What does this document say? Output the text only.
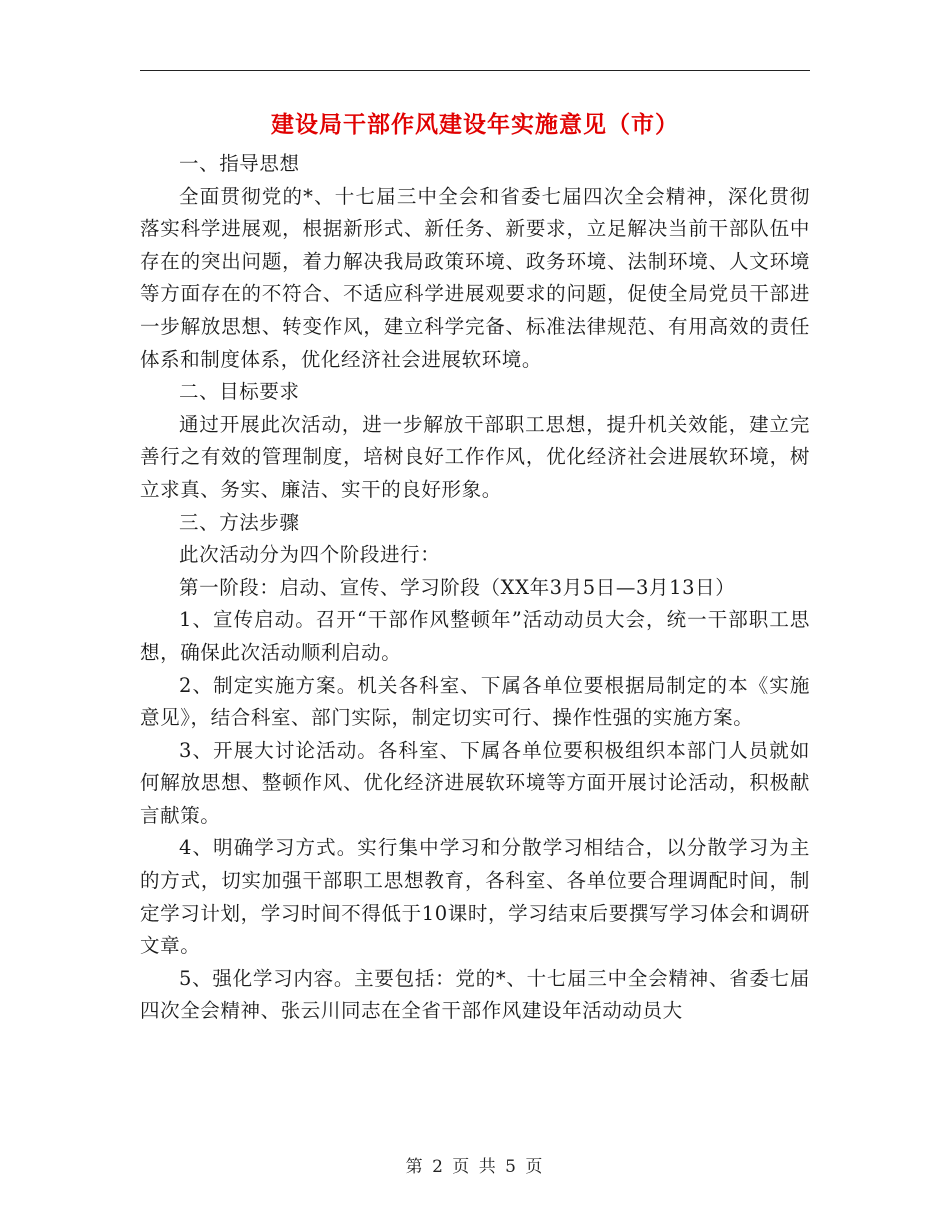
建设局干部作风建设年实施意见（市）

一、指导思想

全面贯彻党的*、十七届三中全会和省委七届四次全会精神，深化贯彻落实科学进展观，根据新形式、新任务、新要求，立足解决当前干部队伍中存在的突出问题，着力解决我局政策环境、政务环境、法制环境、人文环境等方面存在的不符合、不适应科学进展观要求的问题，促使全局党员干部进一步解放思想、转变作风，建立科学完备、标准法律规范、有用高效的责任体系和制度体系，优化经济社会进展软环境。

二、目标要求

通过开展此次活动，进一步解放干部职工思想，提升机关效能，建立完善行之有效的管理制度，培树良好工作作风，优化经济社会进展软环境，树立求真、务实、廉洁、实干的良好形象。

三、方法步骤

此次活动分为四个阶段进行：

第一阶段：启动、宣传、学习阶段（XX年3月5日—3月13日）

1、宣传启动。召开“干部作风整顿年”活动动员大会，统一干部职工思想，确保此次活动顺利启动。

2、制定实施方案。机关各科室、下属各单位要根据局制定的本《实施意见》，结合科室、部门实际，制定切实可行、操作性强的实施方案。

3、开展大讨论活动。各科室、下属各单位要积极组织本部门人员就如何解放思想、整顿作风、优化经济进展软环境等方面开展讨论活动，积极献言献策。

4、明确学习方式。实行集中学习和分散学习相结合，以分散学习为主的方式，切实加强干部职工思想教育，各科室、各单位要合理调配时间，制定学习计划，学习时间不得低于10课时，学习结束后要撰写学习体会和调研文章。

5、强化学习内容。主要包括：党的*、十七届三中全会精神、省委七届四次全会精神、张云川同志在全省干部作风建设年活动动员大

第 2 页 共 5 页
